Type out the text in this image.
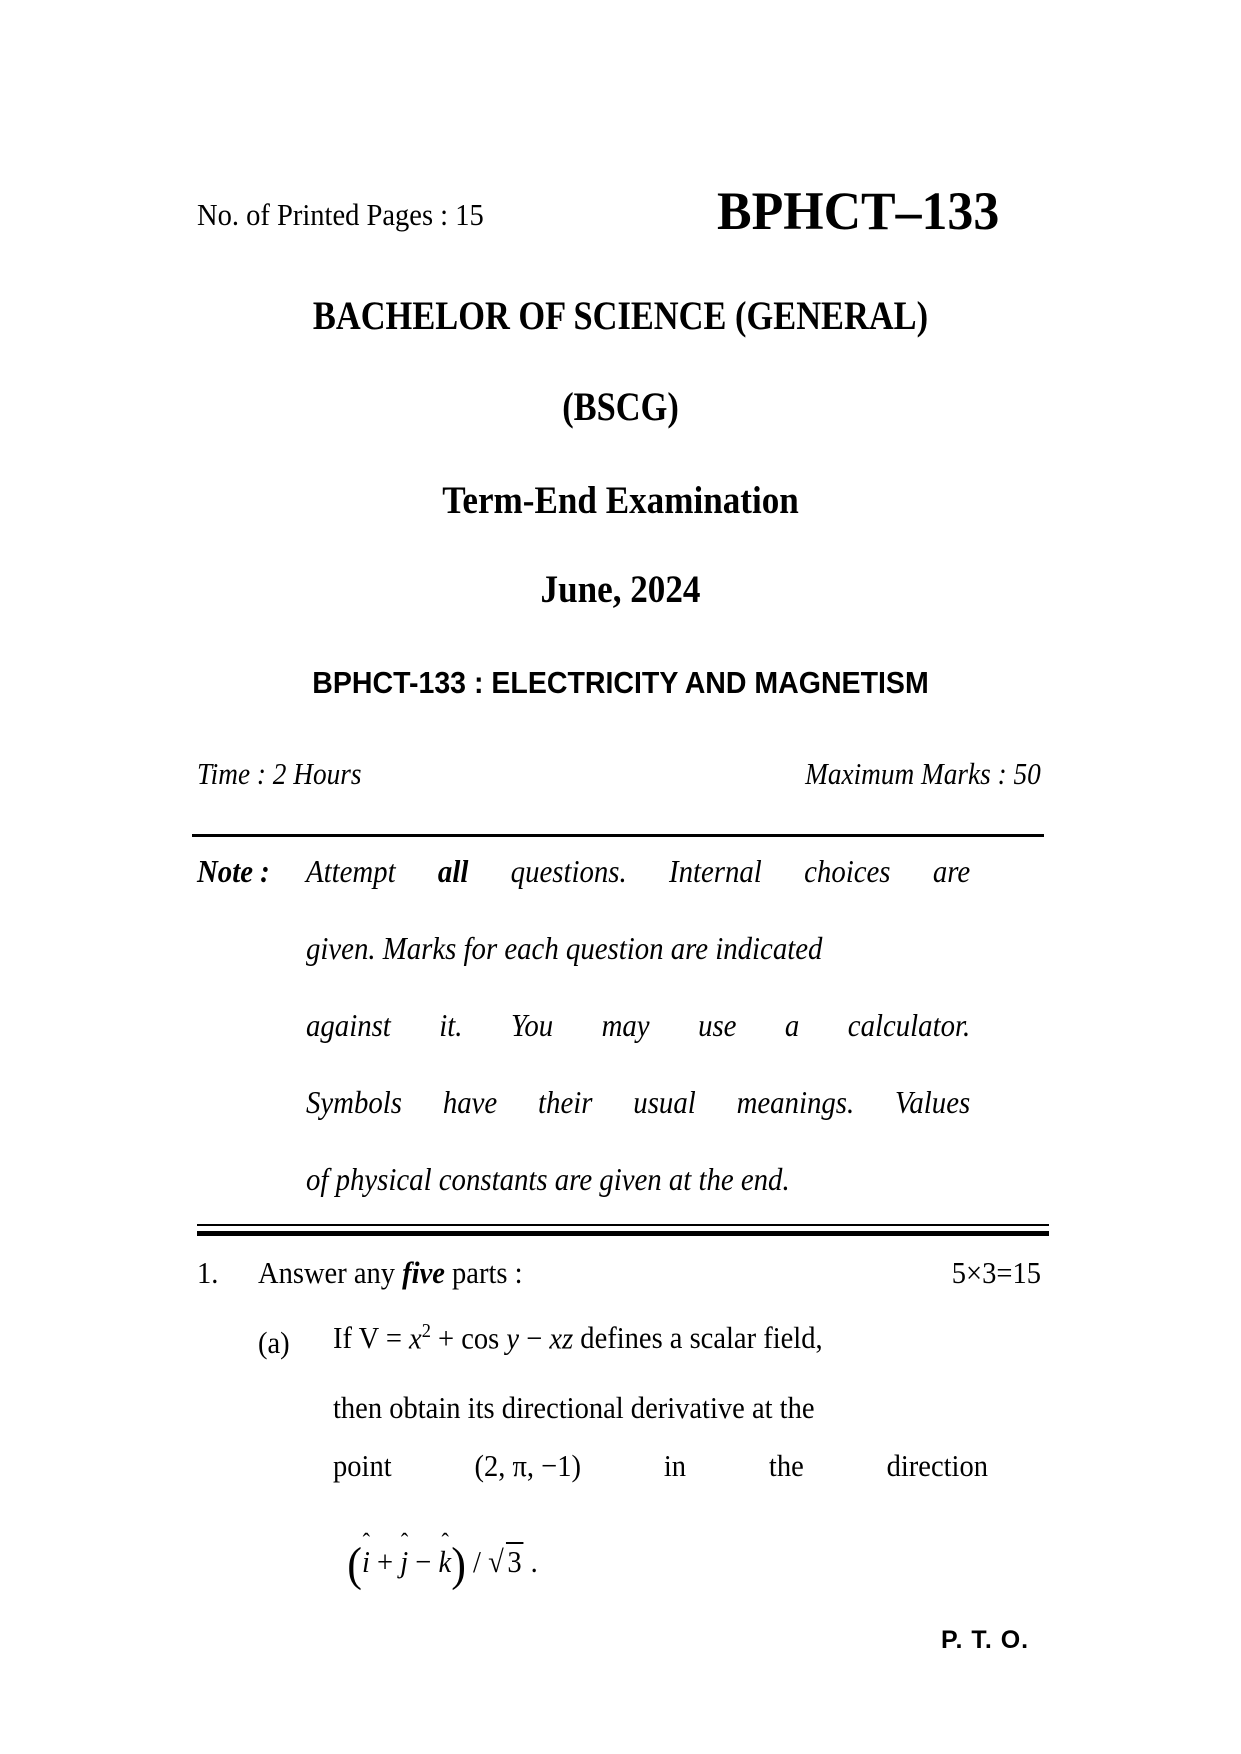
No. of Printed Pages : 15	BPHCT–133
BACHELOR OF SCIENCE (GENERAL)
(BSCG)
Term-End Examination
June, 2024
BPHCT-133 : ELECTRICITY AND MAGNETISM
Time : 2 Hours	Maximum Marks : 50
Note : Attempt all questions. Internal choices are
given. Marks for each question are indicated
against it. You may use a calculator.
Symbols have their usual meanings. Values
of physical constants are given at the end.
1. Answer any five parts :	5×3=15
(a) If $V = x^2 + \cos y$ − xz defines a scalar field,
then obtain its directional derivative at the
point	(2, π, −1)	in	the	direction

(ˆ i + ˆ j − ˆ k) / √ 3 .

P. T. O.
